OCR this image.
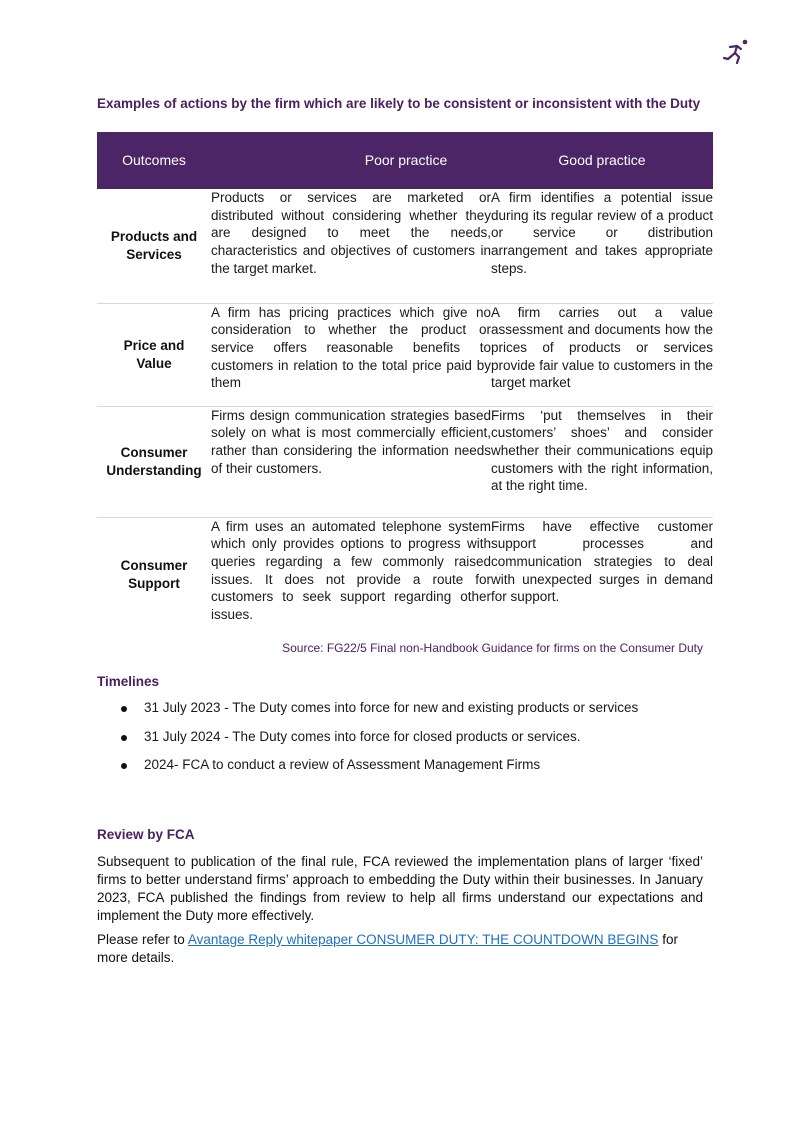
Examples of actions by the firm which are likely to be consistent or inconsistent with the Duty
Outcomes	Poor practice	Good practice

Products and Services	Products or services are marketed or distributed without considering whether they are designed to meet the needs, characteristics and objectives of customers in the target market.	A firm identifies a potential issue during its regular review of a product or service or distribution arrangement and takes appropriate steps.

Price and Value	A firm has pricing practices which give no consideration to whether the product or service offers reasonable benefits to customers in relation to the total price paid by them	A firm carries out a value assessment and documents how the prices of products or services provide fair value to customers in the target market

Consumer Understanding	Firms design communication strategies based solely on what is most commercially efficient, rather than considering the information needs of their customers.	Firms ‘put themselves in their customers’ shoes’ and consider whether their communications equip customers with the right information, at the right time.

Consumer Support	A firm uses an automated telephone system which only provides options to progress with queries regarding a few commonly raised issues. It does not provide a route for customers to seek support regarding other issues.	Firms have effective customer support processes and communication strategies to deal with unexpected surges in demand for support.
Source: FG22/5 Final non-Handbook Guidance for firms on the Consumer Duty
Timelines
31 July 2023 - The Duty comes into force for new and existing products or services
31 July 2024 - The Duty comes into force for closed products or services.
2024- FCA to conduct a review of Assessment Management Firms
Review by FCA
Subsequent to publication of the final rule, FCA reviewed the implementation plans of larger ‘fixed’ firms to better understand firms’ approach to embedding the Duty within their businesses. In January 2023, FCA published the findings from review to help all firms understand our expectations and implement the Duty more effectively.
Please refer to Avantage Reply whitepaper CONSUMER DUTY: THE COUNTDOWN BEGINS for more details.
